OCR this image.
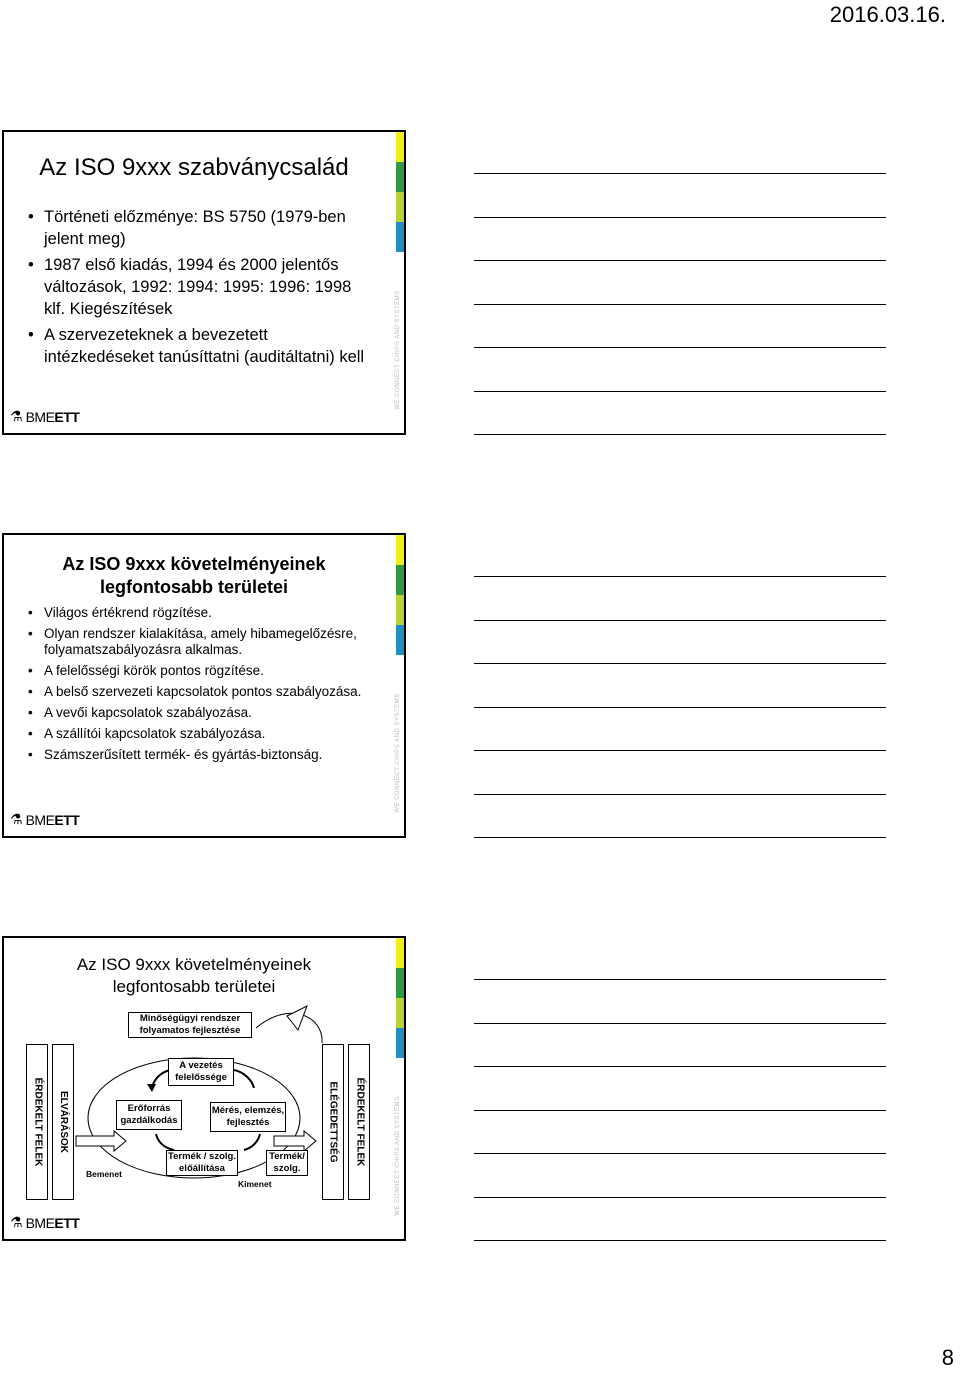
2016.03.16.
WE CONNECT CHIPS AND SYSTEMS
Az ISO 9xxx szabványcsalád
• Történeti előzménye: BS 5750 (1979-ben jelent meg)
• 1987 első kiadás, 1994 és 2000 jelentős változások, 1992: 1994: 1995: 1996: 1998 klf. Kiegészítések
• A szervezeteknek a bevezetett intézkedéseket tanúsíttatni (auditáltatni) kell
⚗ BMEETT
WE CONNECT CHIPS AND SYSTEMS
Az ISO 9xxx követelményeinek
legfontosabb területei
• Világos értékrend rögzítése.
• Olyan rendszer kialakítása, amely hibamegelőzésre, folyamatszabályozásra alkalmas.
• A felelősségi körök pontos rögzítése.
• A belső szervezeti kapcsolatok pontos szabályozása.
• A vevői kapcsolatok szabályozása.
• A szállítói kapcsolatok szabályozása.
• Számszerűsített termék- és gyártás-biztonság.
⚗ BMEETT
WE CONNECT CHIPS AND SYSTEMS
Az ISO 9xxx követelményeinek
legfontosabb területei
Minőségügyi rendszer
folyamatos fejlesztése
ÉRDEKELT FELEK ELVÁRÁSOK	ELÉGEDETTSÉG ÉRDEKELT FELEK
A vezetés
felelőssége
Erőforrás
gazdálkodás
Mérés, elemzés,
fejlesztés
Termék / szolg.
előállítása
Termék/
szolg.
Bemenet
Kimenet
⚗ BMEETT
8
